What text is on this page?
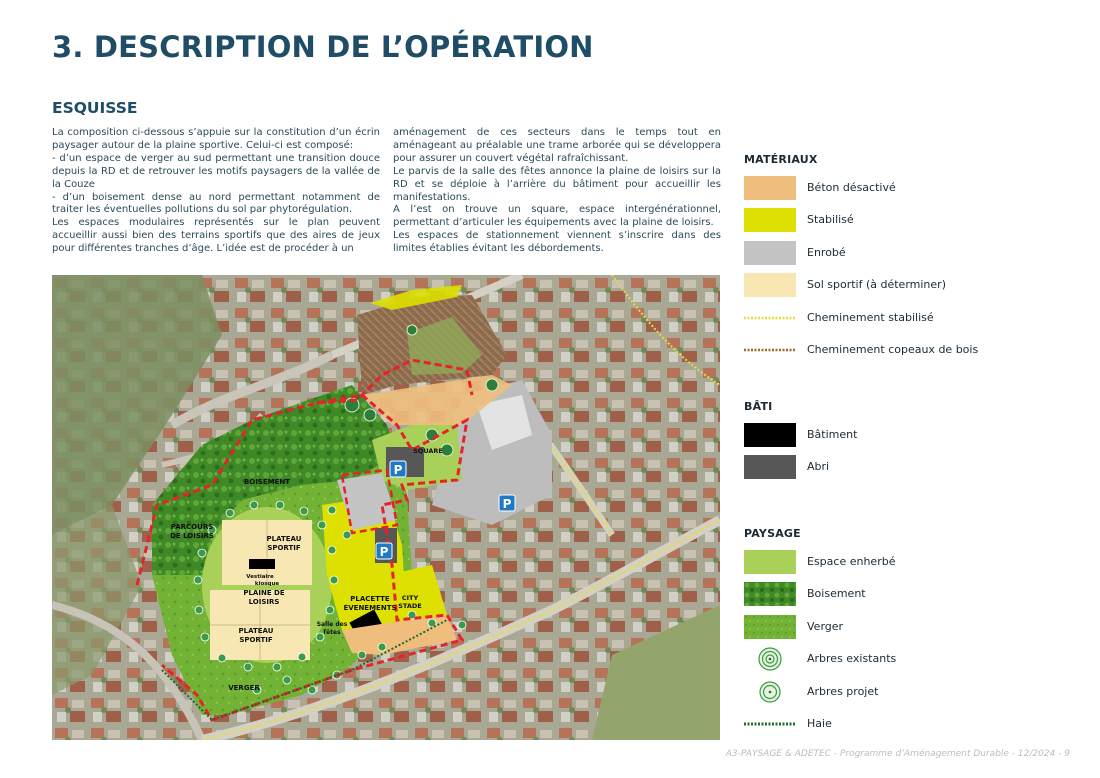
3. DESCRIPTION DE L’OPÉRATION
ESQUISSE

La composition ci-dessous s’appuie sur la constitution d’un écrin paysager autour de la plaine sportive. Celui-ci est composé:

- d’un espace de verger au sud permettant une transition douce depuis la RD et de retrouver les motifs paysagers de la vallée de la Couze

- d’un boisement dense au nord permettant notamment de traiter les éventuelles pollutions du sol par phytorégulation.

Les espaces modulaires représentés sur le plan peuvent accueillir aussi bien des terrains sportifs que des aires de jeux pour différentes tranches d’âge. L’idée est de procéder à un

aménagement de ces secteurs dans le temps tout en aménageant au préalable une trame arborée qui se développera pour assurer un couvert végétal rafraîchissant.

Le parvis de la salle des fêtes annonce la plaine de loisirs sur la RD et se déploie à l’arrière du bâtiment pour accueillir les manifestations.

A l’est on trouve un square, espace intergénérationnel, permettant d’articuler les équipements avec la plaine de loisirs.

Les espaces de stationnement viennent s’inscrire dans des limites établies évitant les débordements.

P
P
P
BOISEMENT
PARCOURS
DE LOISIRS	PLATEAU
SPORTIF
Vestiaire
kiosque
PLAINE DE
LOISIRS
PLATEAU
SPORTIF
Salle des
fêtes
PLACETTE
EVENEMENTS
CITY
STADE
SQUARE
VERGER
MATÉRIAUX
Béton désactivé
Stabilisé
Enrobé
Sol sportif (à déterminer)
Cheminement stabilisé
Cheminement copeaux de bois
BÂTI
Bâtiment
Abri
PAYSAGE
Espace enherbé
Boisement
Verger
Arbres existants
Arbres projet
Haie
A3-PAYSAGE & ADETEC - Programme d’Aménagement Durable - 12/2024 - 9
